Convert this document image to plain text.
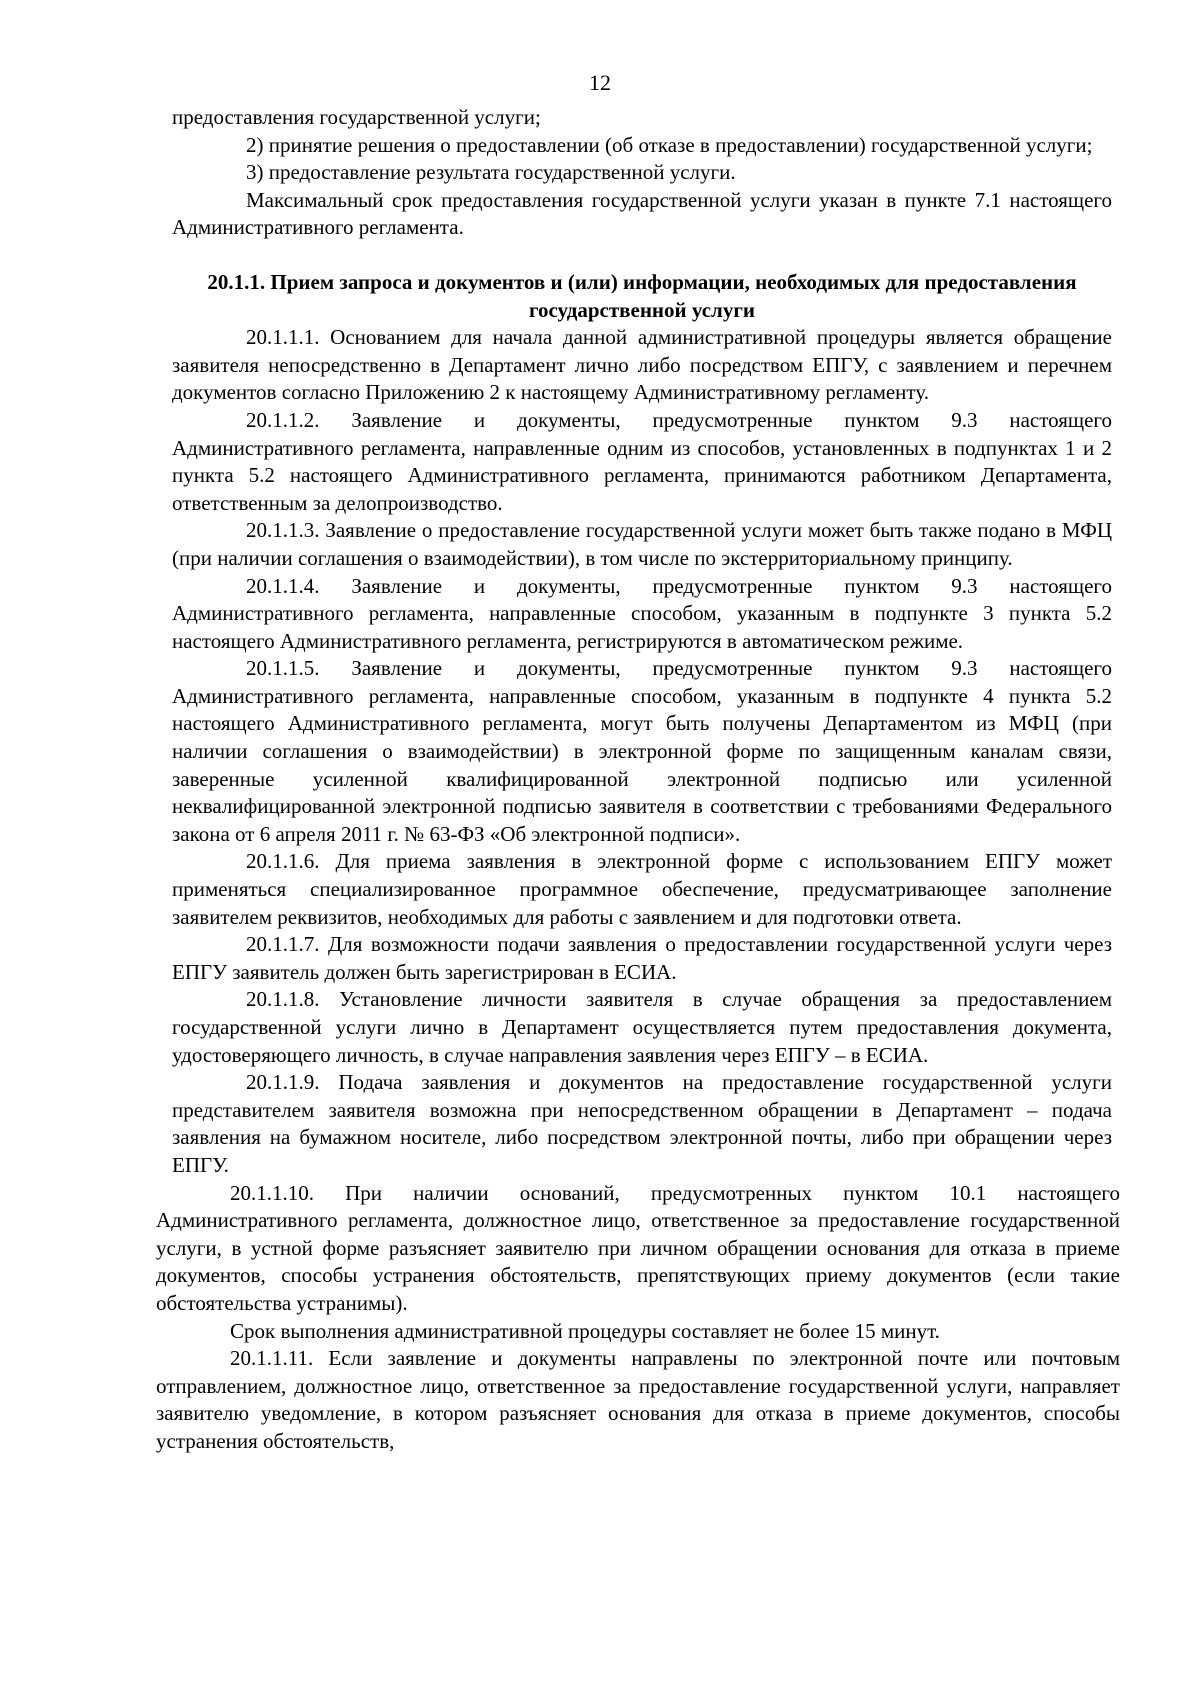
12

предоставления государственной услуги;

2) принятие решения о предоставлении (об отказе в предоставлении) государственной услуги;

3) предоставление результата государственной услуги.

Максимальный срок предоставления государственной услуги указан в пункте 7.1 настоящего Административного регламента.

20.1.1. Прием запроса и документов и (или) информации, необходимых для предоставления государственной услуги

20.1.1.1. Основанием для начала данной административной процедуры является обращение заявителя непосредственно в Департамент лично либо посредством ЕПГУ, с заявлением и перечнем документов согласно Приложению 2 к настоящему Административному регламенту.

20.1.1.2. Заявление и документы, предусмотренные пунктом 9.3 настоящего Административного регламента, направленные одним из способов, установленных в подпунктах 1 и 2 пункта 5.2 настоящего Административного регламента, принимаются работником Департамента, ответственным за делопроизводство.

20.1.1.3. Заявление о предоставление государственной услуги может быть также подано в МФЦ (при наличии соглашения о взаимодействии), в том числе по экстерриториальному принципу.

20.1.1.4. Заявление и документы, предусмотренные пунктом 9.3 настоящего Административного регламента, направленные способом, указанным в подпункте 3 пункта 5.2 настоящего Административного регламента, регистрируются в автоматическом режиме.

20.1.1.5. Заявление и документы, предусмотренные пунктом 9.3 настоящего Административного регламента, направленные способом, указанным в подпункте 4 пункта 5.2 настоящего Административного регламента, могут быть получены Департаментом из МФЦ (при наличии соглашения о взаимодействии) в электронной форме по защищенным каналам связи, заверенные усиленной квалифицированной электронной подписью или усиленной неквалифицированной электронной подписью заявителя в соответствии с требованиями Федерального закона от 6 апреля 2011 г. № 63-ФЗ «Об электронной подписи».

20.1.1.6. Для приема заявления в электронной форме с использованием ЕПГУ может применяться специализированное программное обеспечение, предусматривающее заполнение заявителем реквизитов, необходимых для работы с заявлением и для подготовки ответа.

20.1.1.7. Для возможности подачи заявления о предоставлении государственной услуги через ЕПГУ заявитель должен быть зарегистрирован в ЕСИА.

20.1.1.8. Установление личности заявителя в случае обращения за предоставлением государственной услуги лично в Департамент осуществляется путем предоставления документа, удостоверяющего личность, в случае направления заявления через ЕПГУ – в ЕСИА.

20.1.1.9. Подача заявления и документов на предоставление государственной услуги представителем заявителя возможна при непосредственном обращении в Департамент – подача заявления на бумажном носителе, либо посредством электронной почты, либо при обращении через ЕПГУ.

20.1.1.10. При наличии оснований, предусмотренных пунктом 10.1 настоящего Административного регламента, должностное лицо, ответственное за предоставление государственной услуги, в устной форме разъясняет заявителю при личном обращении основания для отказа в приеме документов, способы устранения обстоятельств, препятствующих приему документов (если такие обстоятельства устранимы).

Срок выполнения административной процедуры составляет не более 15 минут.

20.1.1.11. Если заявление и документы направлены по электронной почте или почтовым отправлением, должностное лицо, ответственное за предоставление государственной услуги, направляет заявителю уведомление, в котором разъясняет основания для отказа в приеме документов, способы устранения обстоятельств,
